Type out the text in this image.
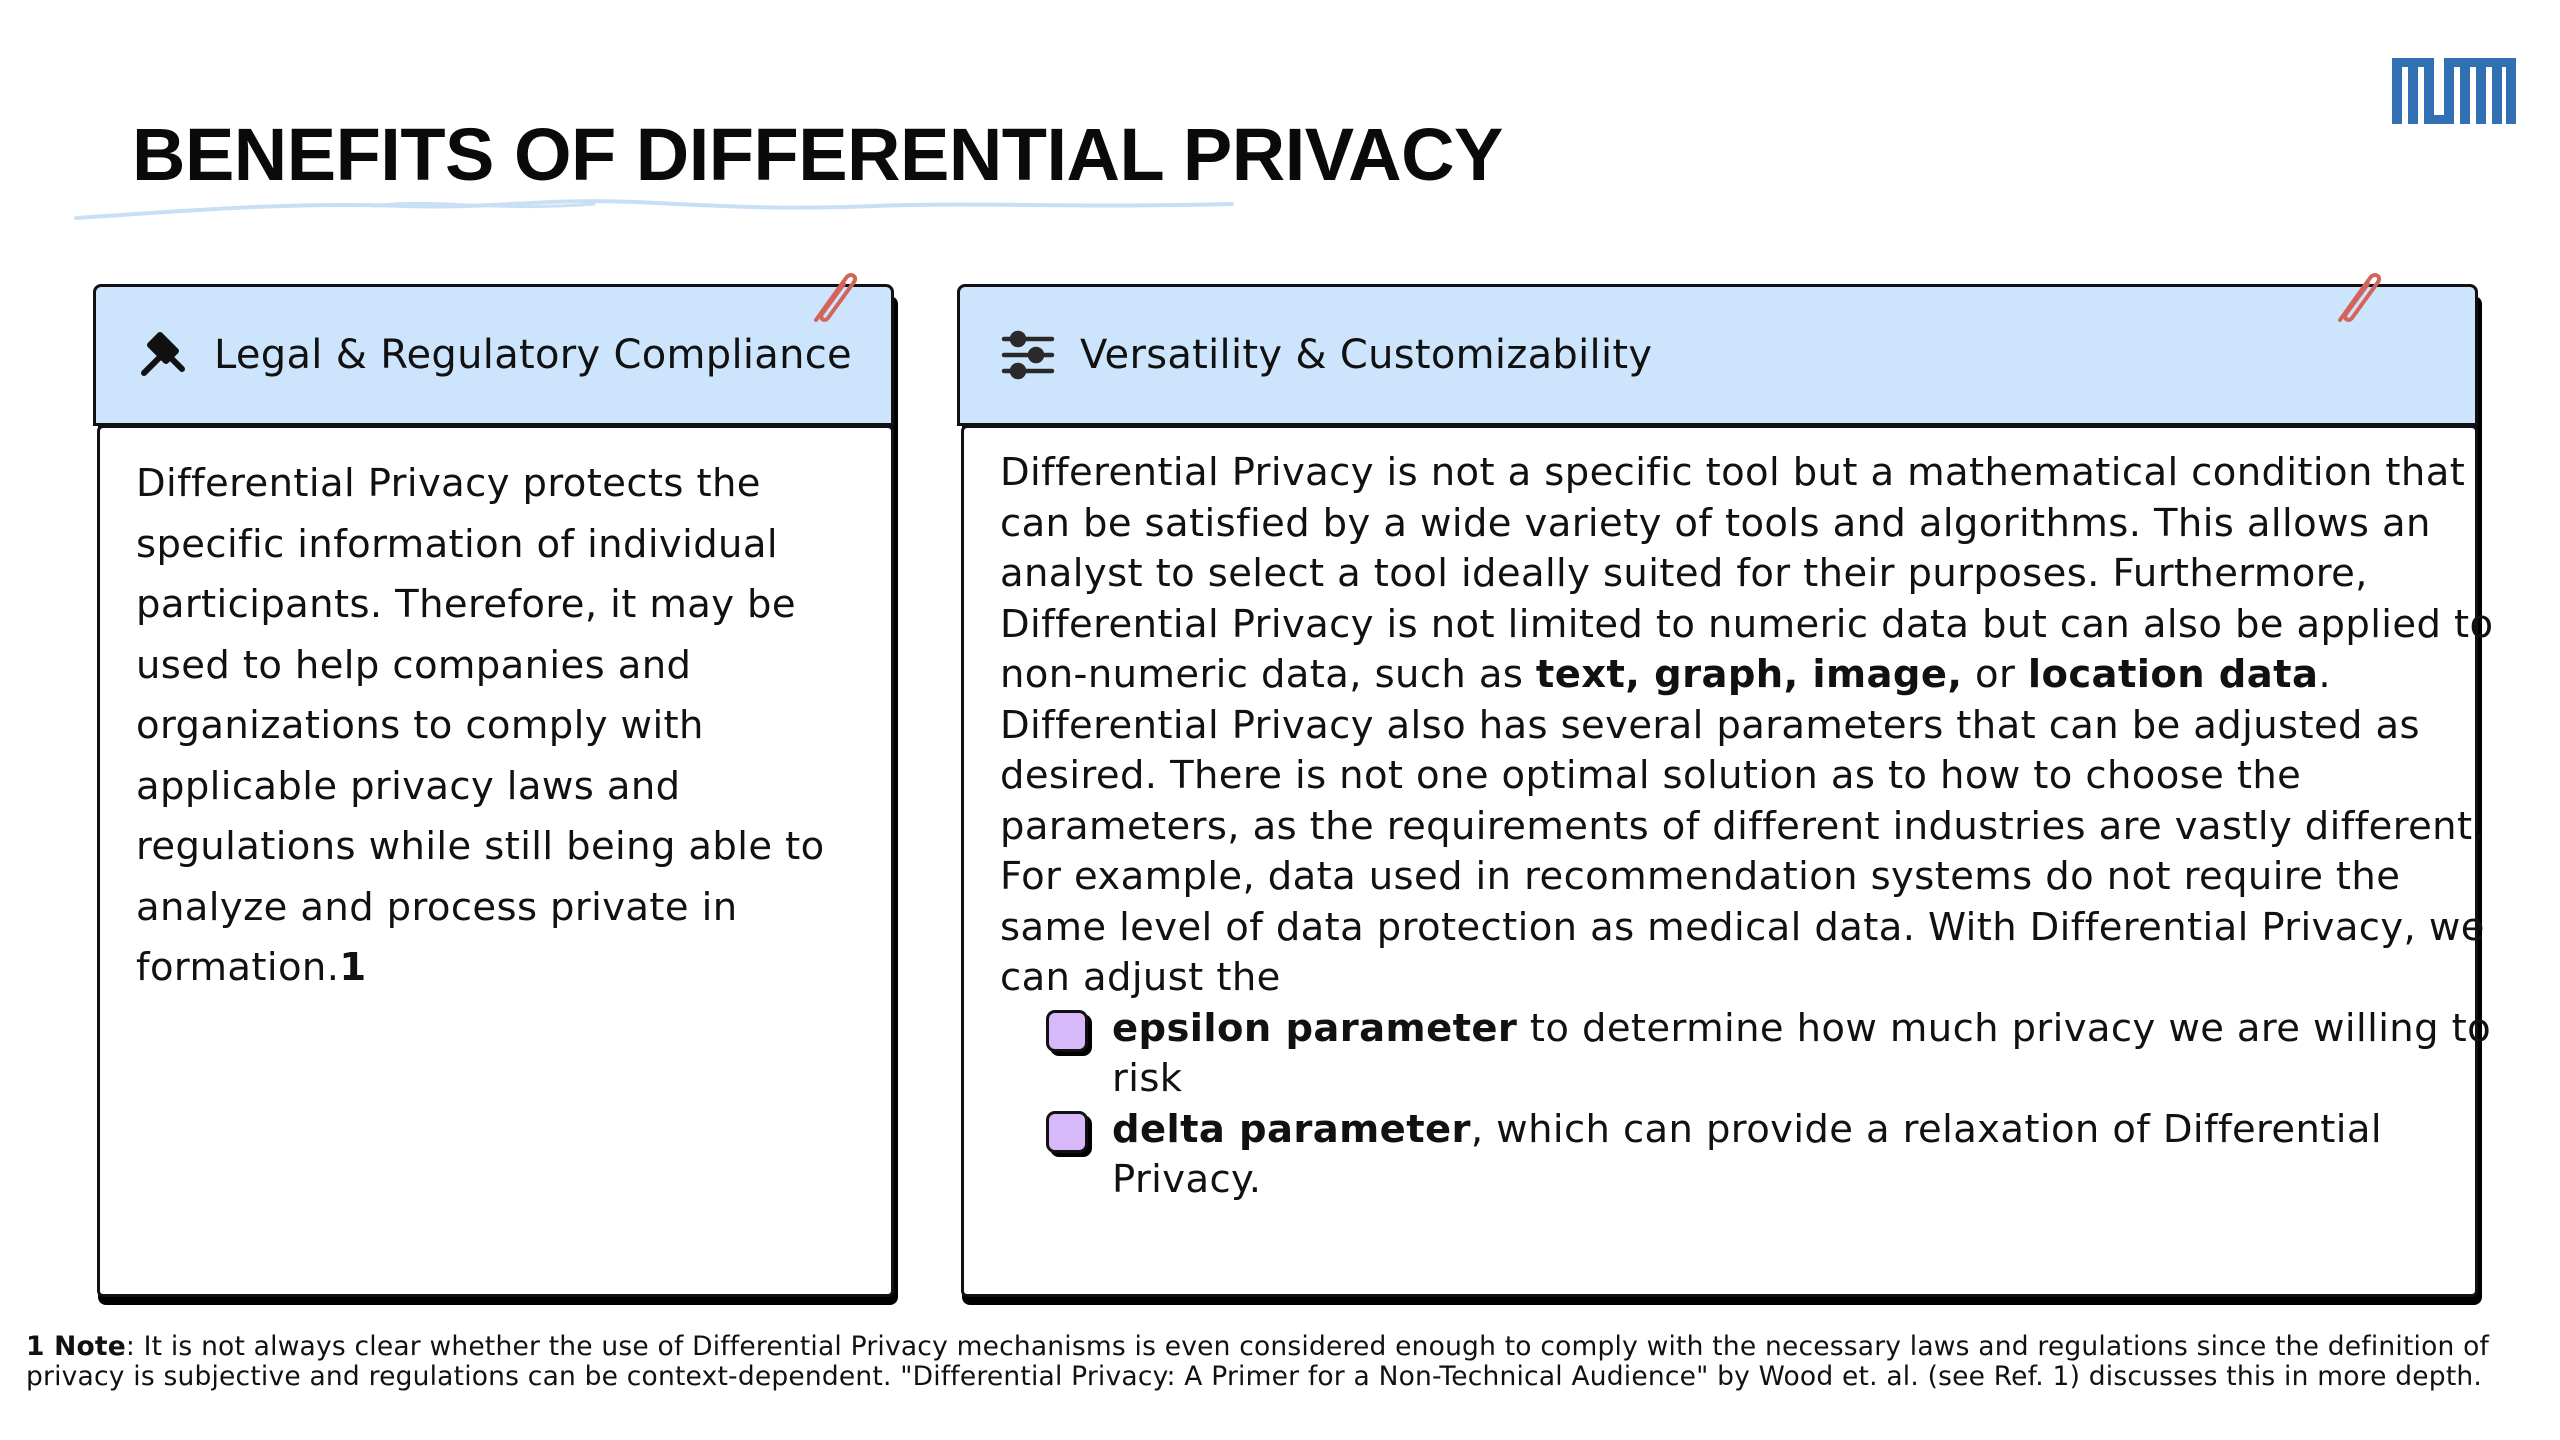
BENEFITS OF DIFFERENTIAL PRIVACY
Legal & Regulatory Compliance

Differential Privacy protects the specific information of individual participants. Therefore, it may be used to help companies and organizations to comply with applicable privacy laws and regulations while still being able to analyze and process private in formation.1

Versatility & Customizability
Differential Privacy is not a specific tool but a mathematical condition that can be satisfied by a wide variety of tools and algorithms. This allows an analyst to select a tool ideally suited for their purposes. Furthermore, Differential Privacy is not limited to numeric data but can also be applied to non-numeric data, such as text, graph, image, or location data.
Differential Privacy also has several parameters that can be adjusted as desired. There is not one optimal solution as to how to choose the parameters, as the requirements of different industries are vastly different. For example, data used in recommendation systems do not require the same level of data protection as medical data. With Differential Privacy, we can adjust the
epsilon parameter to determine how much privacy we are willing to risk
delta parameter, which can provide a relaxation of Differential Privacy.

1 Note: It is not always clear whether the use of Differential Privacy mechanisms is even considered enough to comply with the necessary laws and regulations since the definition of privacy is subjective and regulations can be context-dependent. "Differential Privacy: A Primer for a Non-Technical Audience" by Wood et. al. (see Ref. 1) discusses this in more depth.
